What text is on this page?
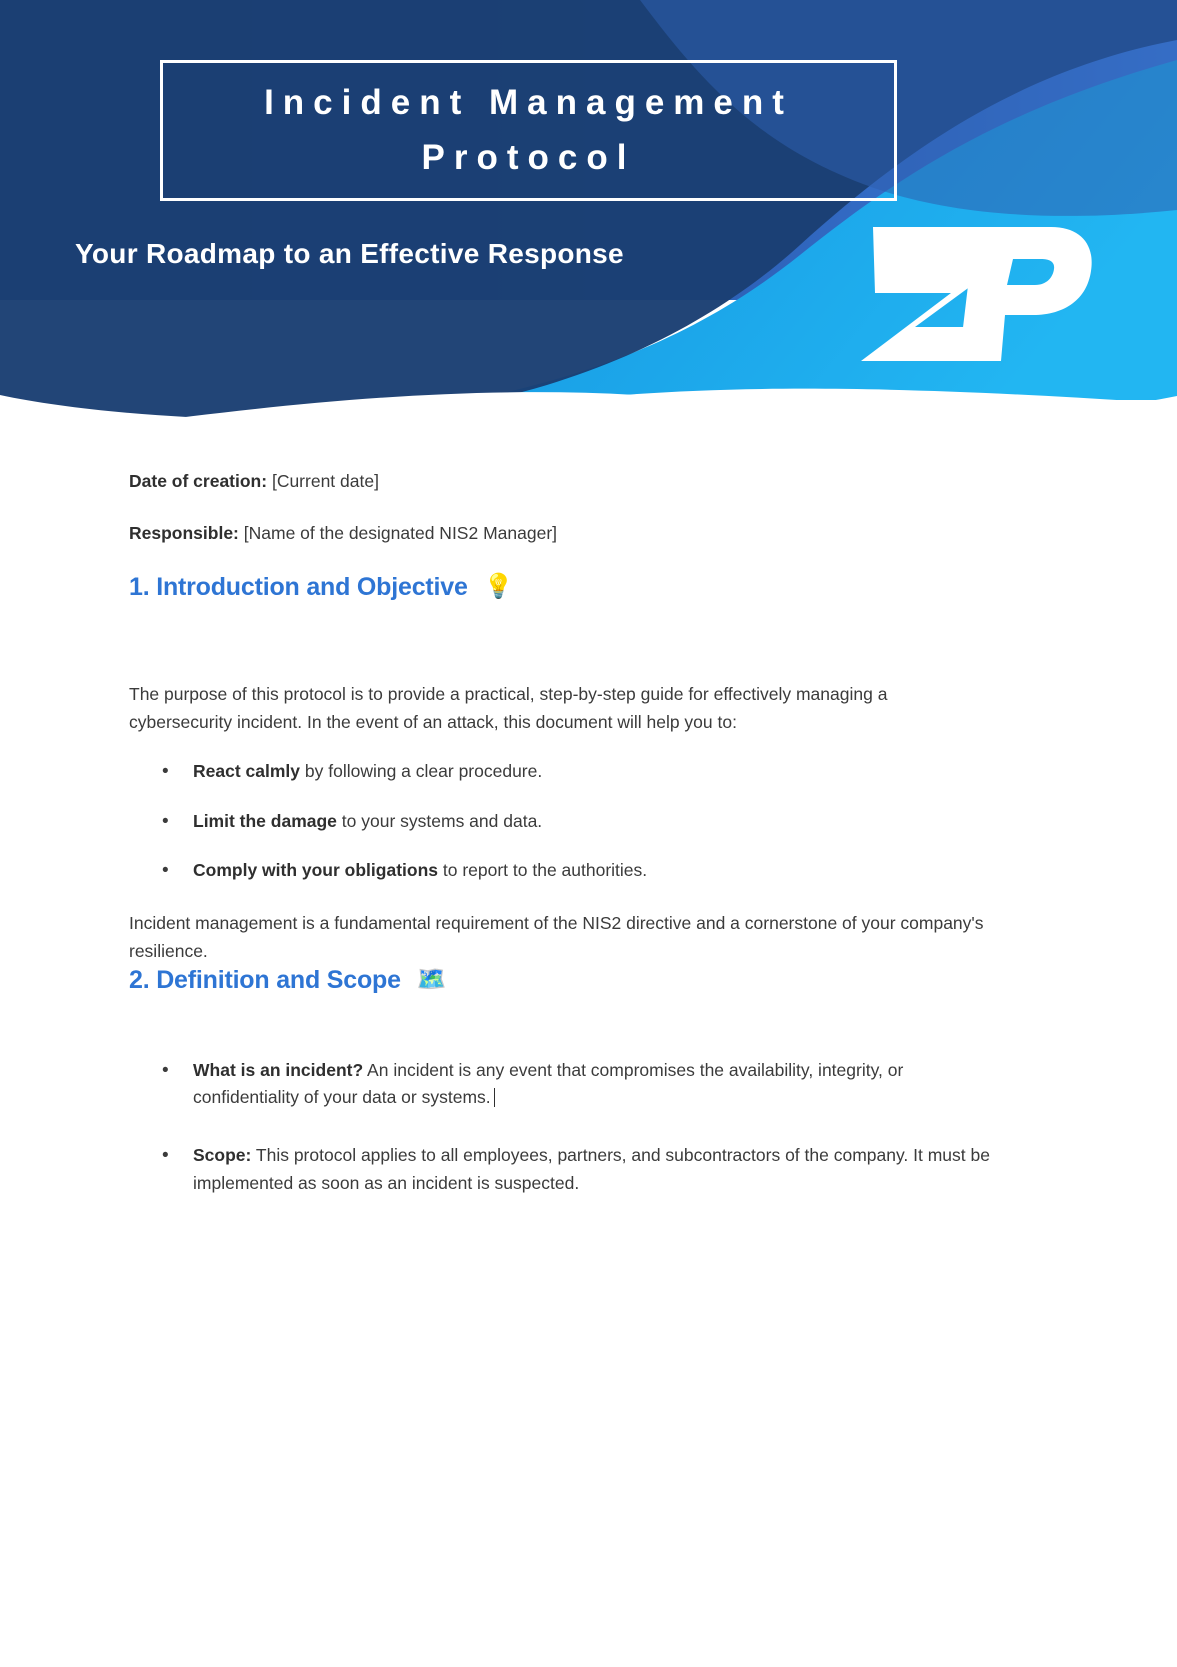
Incident Management Protocol
Your Roadmap to an Effective Response

Date of creation: [Current date]

Responsible: [Name of the designated NIS2 Manager]

1. Introduction and Objective 💡
The purpose of this protocol is to provide a practical, step-by-step guide for effectively managing a cybersecurity incident. In the event of an attack, this document will help you to:
• React calmly by following a clear procedure.
• Limit the damage to your systems and data.
• Comply with your obligations to report to the authorities.
Incident management is a fundamental requirement of the NIS2 directive and a cornerstone of your company's resilience.
2. Definition and Scope 🗺️
• What is an incident? An incident is any event that compromises the availability, integrity, or confidentiality of your data or systems.
• Scope: This protocol applies to all employees, partners, and subcontractors of the company. It must be implemented as soon as an incident is suspected.
